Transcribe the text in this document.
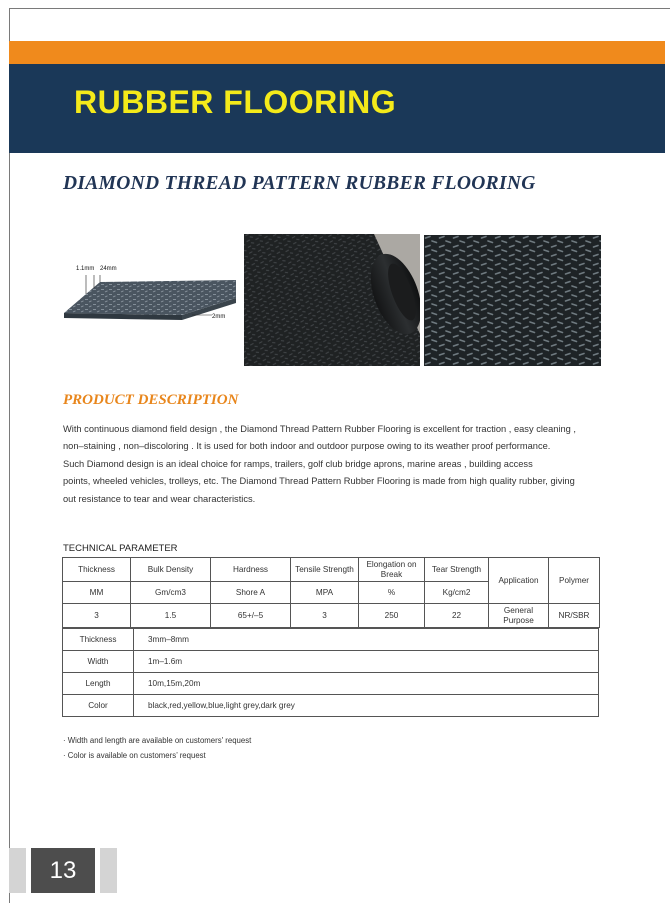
RUBBER FLOORING
DIAMOND THREAD PATTERN RUBBER FLOORING
1.1mm 24mm
2mm
PRODUCT DESCRIPTION
With continuous diamond field design , the Diamond Thread Pattern Rubber Flooring is excellent for traction , easy cleaning ,
non–staining , non–discoloring . It is used for both indoor and outdoor purpose owing to its weather proof performance.
Such Diamond design is an ideal choice for ramps, trailers, golf club bridge aprons, marine areas , building access
points, wheeled vehicles, trolleys, etc. The Diamond Thread Pattern Rubber Flooring is made from high quality rubber, giving
out resistance to tear and wear characteristics.
TECHNICAL PARAMETER
Thickness	Bulk Density	Hardness	Tensile Strength	Elongation on Break	Tear Strength	Application	Polymer
MM	Gm/cm3	Shore A	MPA	%	Kg/cm2		
3	1.5	65+/–5	3	250	22	General Purpose	NR/SBR
Thickness	3mm–8mm
Width	1m–1.6m
Length	10m,15m,20m
Color	black,red,yellow,blue,light grey,dark grey
· Width and length are available on customers' request
· Color is available on customers’ request
13
